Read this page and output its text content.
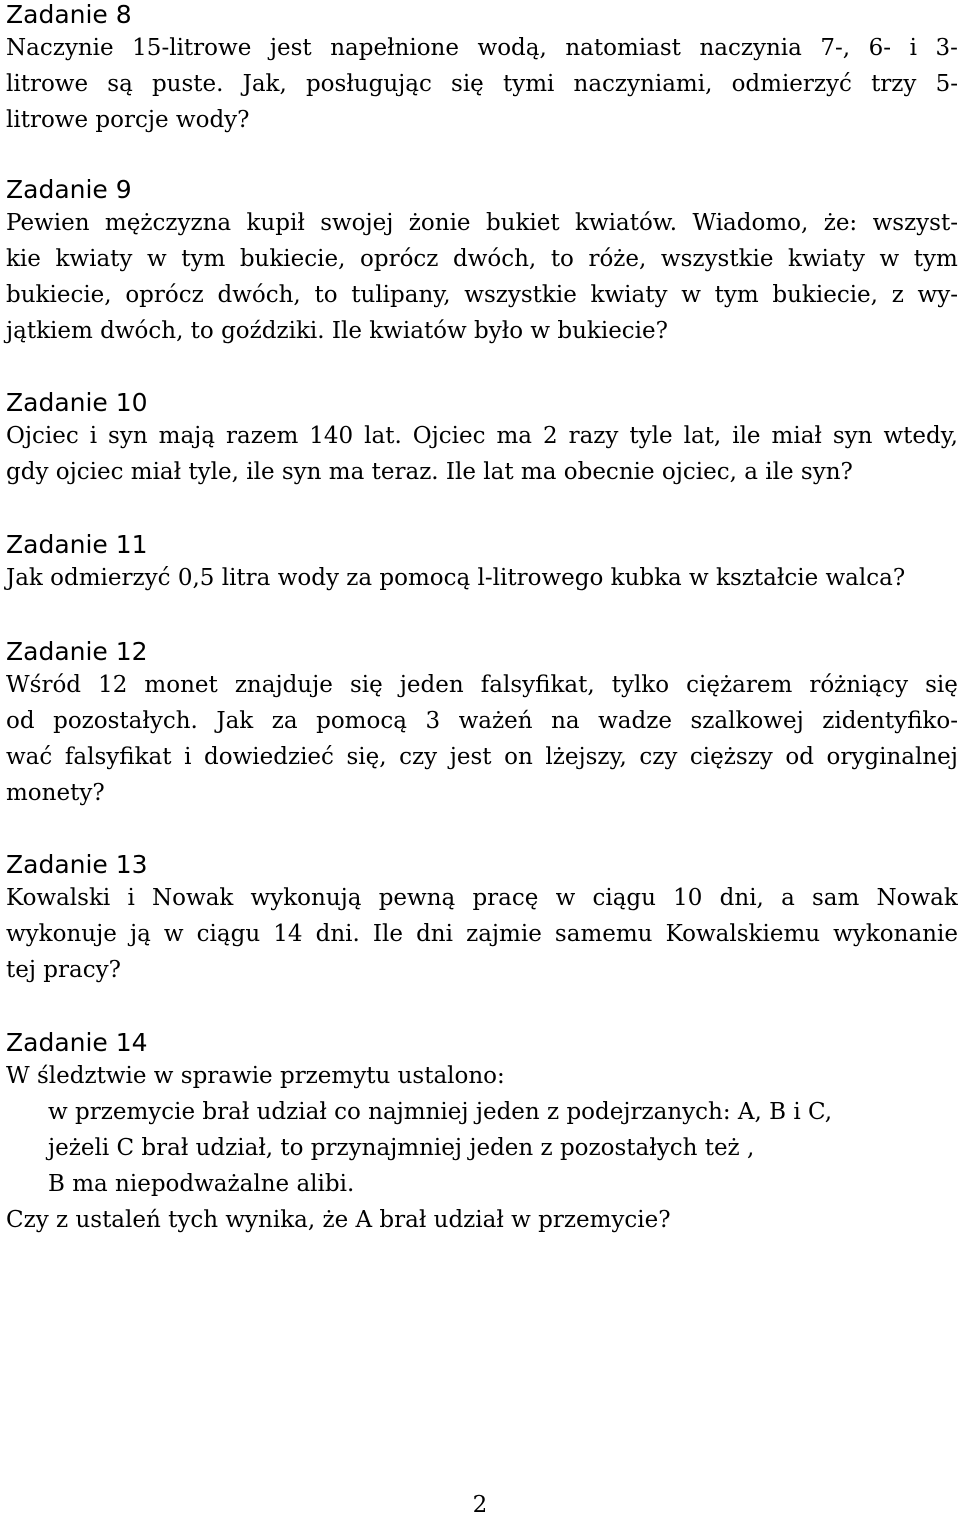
Zadanie 8
Naczynie 15-litrowe jest napełnione wodą, natomiast naczynia 7-, 6- i 3-
litrowe są puste. Jak, posługując się tymi naczyniami, odmierzyć trzy 5-
litrowe porcje wody?
Zadanie 9
Pewien mężczyzna kupił swojej żonie bukiet kwiatów. Wiadomo, że: wszyst-
kie kwiaty w tym bukiecie, oprócz dwóch, to róże, wszystkie kwiaty w tym
bukiecie, oprócz dwóch, to tulipany, wszystkie kwiaty w tym bukiecie, z wy-
jątkiem dwóch, to goździki. Ile kwiatów było w bukiecie?
Zadanie 10
Ojciec i syn mają razem 140 lat. Ojciec ma 2 razy tyle lat, ile miał syn wtedy,
gdy ojciec miał tyle, ile syn ma teraz. Ile lat ma obecnie ojciec, a ile syn?
Zadanie 11
Jak odmierzyć 0,5 litra wody za pomocą l-litrowego kubka w kształcie walca?
Zadanie 12
Wśród 12 monet znajduje się jeden falsyfikat, tylko ciężarem różniący się
od pozostałych. Jak za pomocą 3 ważeń na wadze szalkowej zidentyfiko-
wać falsyfikat i dowiedzieć się, czy jest on lżejszy, czy cięższy od oryginalnej
monety?
Zadanie 13
Kowalski i Nowak wykonują pewną pracę w ciągu 10 dni, a sam Nowak
wykonuje ją w ciągu 14 dni. Ile dni zajmie samemu Kowalskiemu wykonanie
tej pracy?
Zadanie 14
W śledztwie w sprawie przemytu ustalono:
w przemycie brał udział co najmniej jeden z podejrzanych: A, B i C,
jeżeli C brał udział, to przynajmniej jeden z pozostałych też ,
B ma niepodważalne alibi.
Czy z ustaleń tych wynika, że A brał udział w przemycie?
2
